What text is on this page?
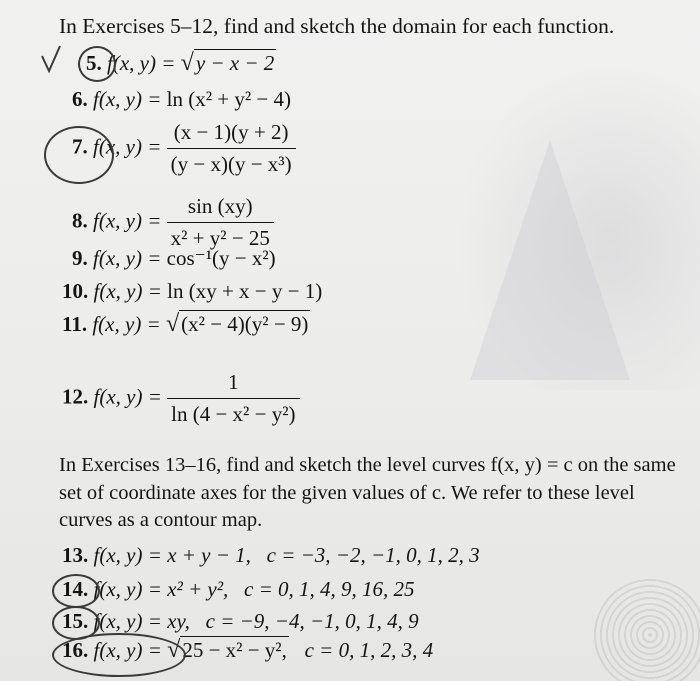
In Exercises 5–12, find and sketch the domain for each function.
5. f(x, y) = √y − x − 2
6. f(x, y) = ln (x² + y² − 4)
7. f(x, $y) = \frac{(x - 1)(y + 2)}{\text{(y − x)(y − x³)}}$
8. f(x, $y) = \frac{\sin (xy)}{\text{x² + y² − 25}}$
9. f(x, y) = cos⁻¹(y − x²)
10. f(x, y) = ln (xy + x − y − 1)
11. f(x, y) = √(x² − 4)(y² − 9)
12. f(x, $y) = \frac{1}{\text{ln (4 − x² − y²)}}$
In Exercises 13–16, find and sketch the level curves f(x, y) = c on the same set of coordinate axes for the given values of c. We refer to these level curves as a contour map.
13. f(x, y) = x + y − 1, c = −3, −2, −1, 0, 1, 2, 3
14. f(x, y) = x² + y², c = 0, 1, 4, 9, 16, 25
15. f(x, y) = xy, c = −9, −4, −1, 0, 1, 4, 9
16. f(x, y) = √25 − x² − y², c = 0, 1, 2, 3, 4
